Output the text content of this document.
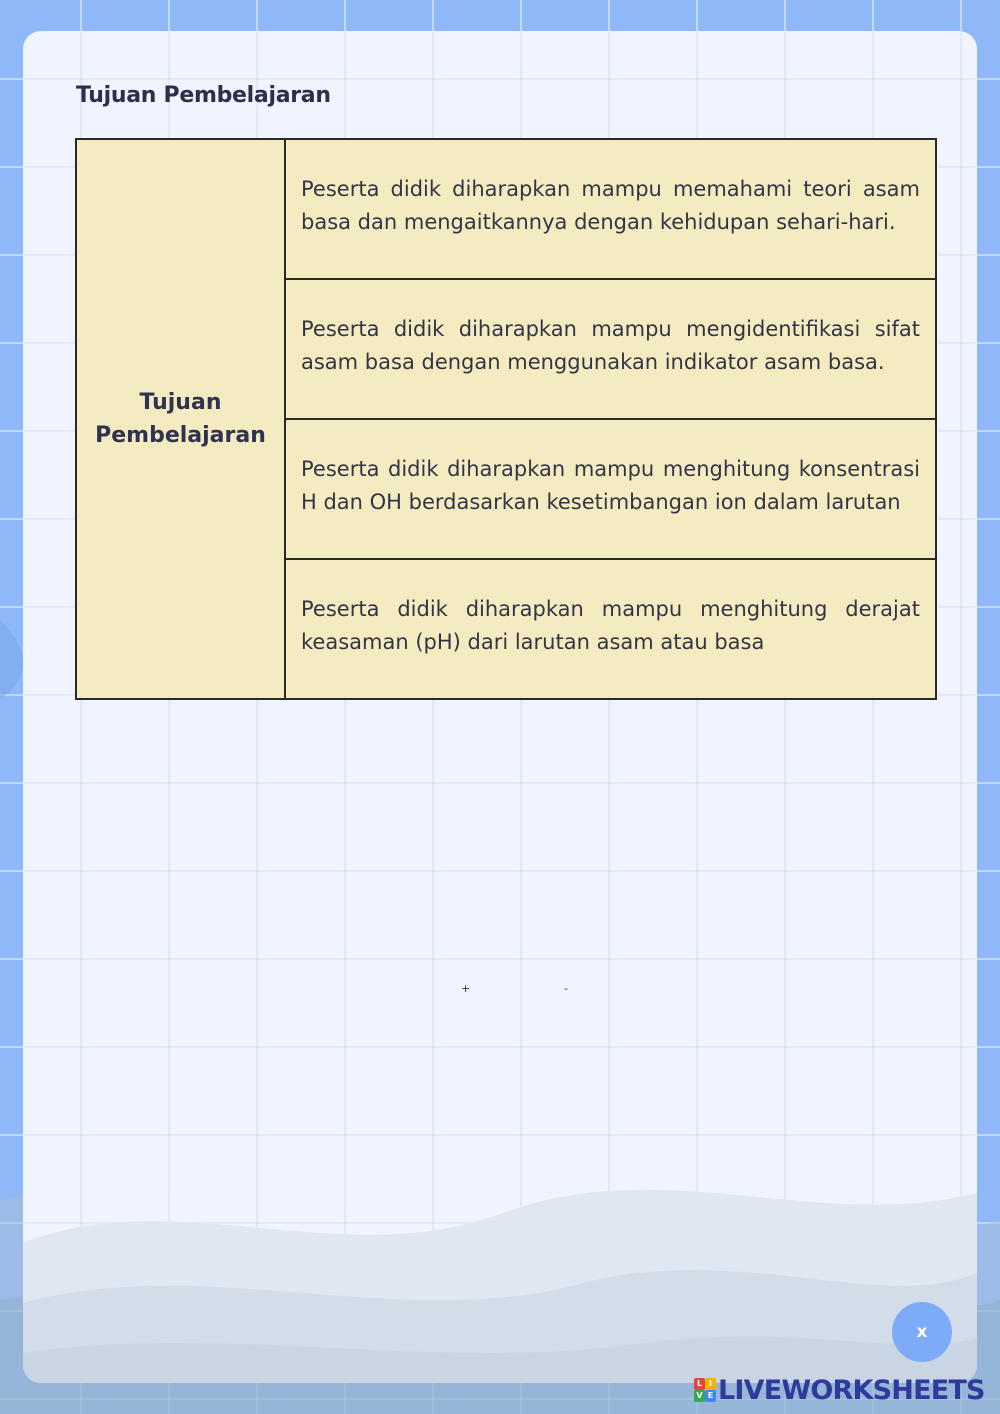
Tujuan Pembelajaran
Tujuan
Pembelajaran

Peserta didik diharapkan mampu memahami teori asam basa dan mengaitkannya dengan kehidupan sehari-hari.

Peserta didik diharapkan mampu mengidentifikasi sifat asam basa dengan menggunakan indikator asam basa.

Peserta didik diharapkan mampu menghitung konsentrasi H dan OH berdasarkan kesetimbangan ion dalam larutan

Peserta didik diharapkan mampu menghitung derajat keasaman (pH) dari larutan asam atau basa
+	-
x
L I
V E LIVEWORKSHEETS
